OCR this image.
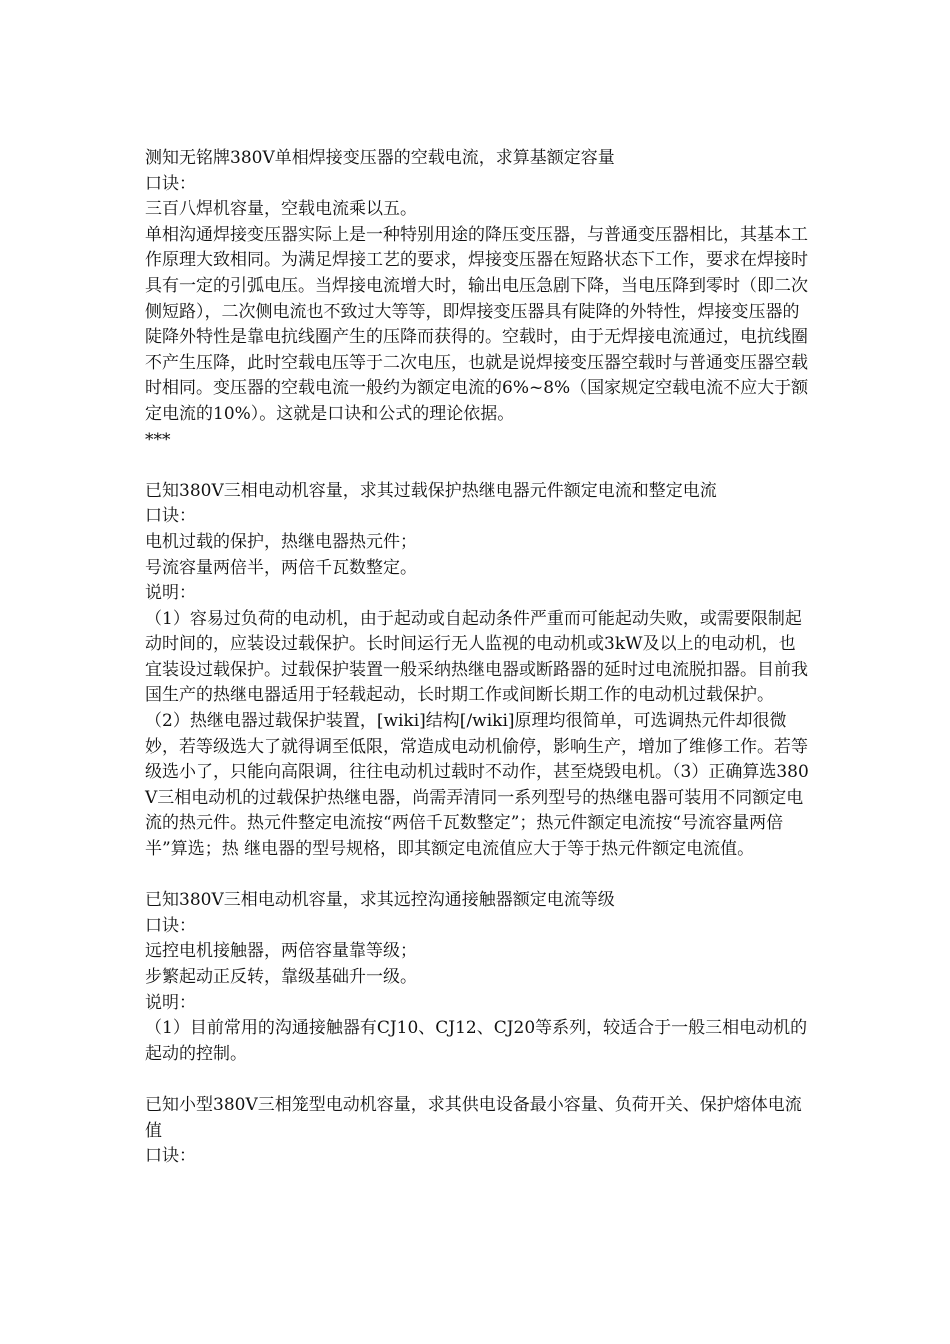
测知无铭牌380V单相焊接变压器的空载电流，求算基额定容量

口诀：

三百八焊机容量，空载电流乘以五。

单相沟通焊接变压器实际上是一种特别用途的降压变压器，与普通变压器相比，其基本工作原理大致相同。为满足焊接工艺的要求，焊接变压器在短路状态下工作，要求在焊接时具有一定的引弧电压。当焊接电流增大时，输出电压急剧下降，当电压降到零时（即二次侧短路），二次侧电流也不致过大等等，即焊接变压器具有陡降的外特性，焊接变压器的陡降外特性是靠电抗线圈产生的压降而获得的。空载时，由于无焊接电流通过，电抗线圈不产生压降，此时空载电压等于二次电压，也就是说焊接变压器空载时与普通变压器空载时相同。变压器的空载电流一般约为额定电流的6%~8%（国家规定空载电流不应大于额定电流的10%）。这就是口诀和公式的理论依据。

***

已知380V三相电动机容量，求其过载保护热继电器元件额定电流和整定电流

口诀：

电机过载的保护，热继电器热元件；

号流容量两倍半，两倍千瓦数整定。

说明：

（1）容易过负荷的电动机，由于起动或自起动条件严重而可能起动失败，或需要限制起动时间的，应装设过载保护。长时间运行无人监视的电动机或3kW及以上的电动机，也宜装设过载保护。过载保护装置一般采纳热继电器或断路器的延时过电流脱扣器。目前我国生产的热继电器适用于轻载起动，长时期工作或间断长期工作的电动机过载保护。

（2）热继电器过载保护装置，[wiki]结构[/wiki]原理均很简单，可选调热元件却很微妙，若等级选大了就得调至低限，常造成电动机偷停，影响生产，增加了维修工作。若等级选小了，只能向高限调，往往电动机过载时不动作，甚至烧毁电机。（3）正确算选380V三相电动机的过载保护热继电器，尚需弄清同一系列型号的热继电器可装用不同额定电流的热元件。热元件整定电流按“两倍千瓦数整定”；热元件额定电流按“号流容量两倍半”算选；热 继电器的型号规格，即其额定电流值应大于等于热元件额定电流值。

已知380V三相电动机容量，求其远控沟通接触器额定电流等级

口诀：

远控电机接触器，两倍容量靠等级；

步繁起动正反转，靠级基础升一级。

说明：

（1）目前常用的沟通接触器有CJ10、CJ12、CJ20等系列，较适合于一般三相电动机的起动的控制。

已知小型380V三相笼型电动机容量，求其供电设备最小容量、负荷开关、保护熔体电流值

口诀：
